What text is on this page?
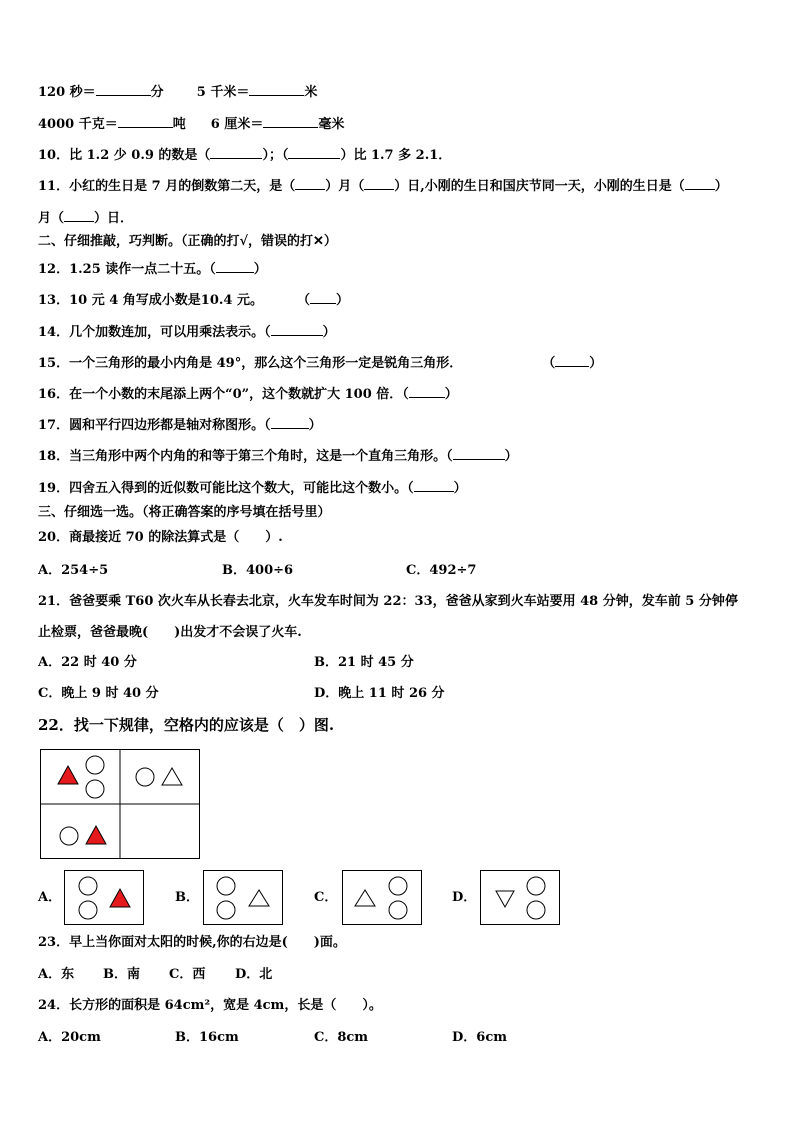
120 秒＝	分	5 千米＝	米
4000 千克＝	吨 6 厘米＝	毫米
10．比 1.2 少 0.9 的数是（	）；（	）比 1.7 多 2.1．
11．小红的生日是 7 月的倒数第二天，是（ ）月（ ）日,小刚的生日和国庆节同一天，小刚的生日是（ ）
月（ ）日．
二、仔细推敲，巧判断。（正确的打√，错误的打✕）
12．1.25 读作一点二十五。（	）
13．10 元 4 角写成小数是10.4 元。	（ ）
14．几个加数连加，可以用乘法表示。（	）
15．一个三角形的最小内角是 49°，那么这个三角形一定是锐角三角形．	（	）
16．在一个小数的末尾添上两个“0”，这个数就扩大 100 倍．（	）
17．圆和平行四边形都是轴对称图形。（	）
18．当三角形中两个内角的和等于第三个角时，这是一个直角三角形。（	）
19．四舍五入得到的近似数可能比这个数大，可能比这个数小。（	）
三、仔细选一选。（将正确答案的序号填在括号里）
20．商最接近 70 的除法算式是（　　）.
A．254÷5	B．400÷6	C．492÷7
21．爸爸要乘 T60 次火车从长春去北京，火车发车时间为 22：33，爸爸从家到火车站要用 48 分钟，发车前 5 分钟停
止检票，爸爸最晚(　　)出发才不会误了火车.
A．22 时 40 分	B．21 时 45 分
C．晚上 9 时 40 分	D．晚上 11 时 26 分
22．找一下规律，空格内的应该是（　）图.
A．	B．	C．	D．
23．早上当你面对太阳的时候,你的右边是(　　)面。
A．东 B．南 C．西 D．北
24．长方形的面积是 64cm²，宽是 4cm，长是（　　）。
A．20cm	B．16cm	C．8cm	D．6cm
